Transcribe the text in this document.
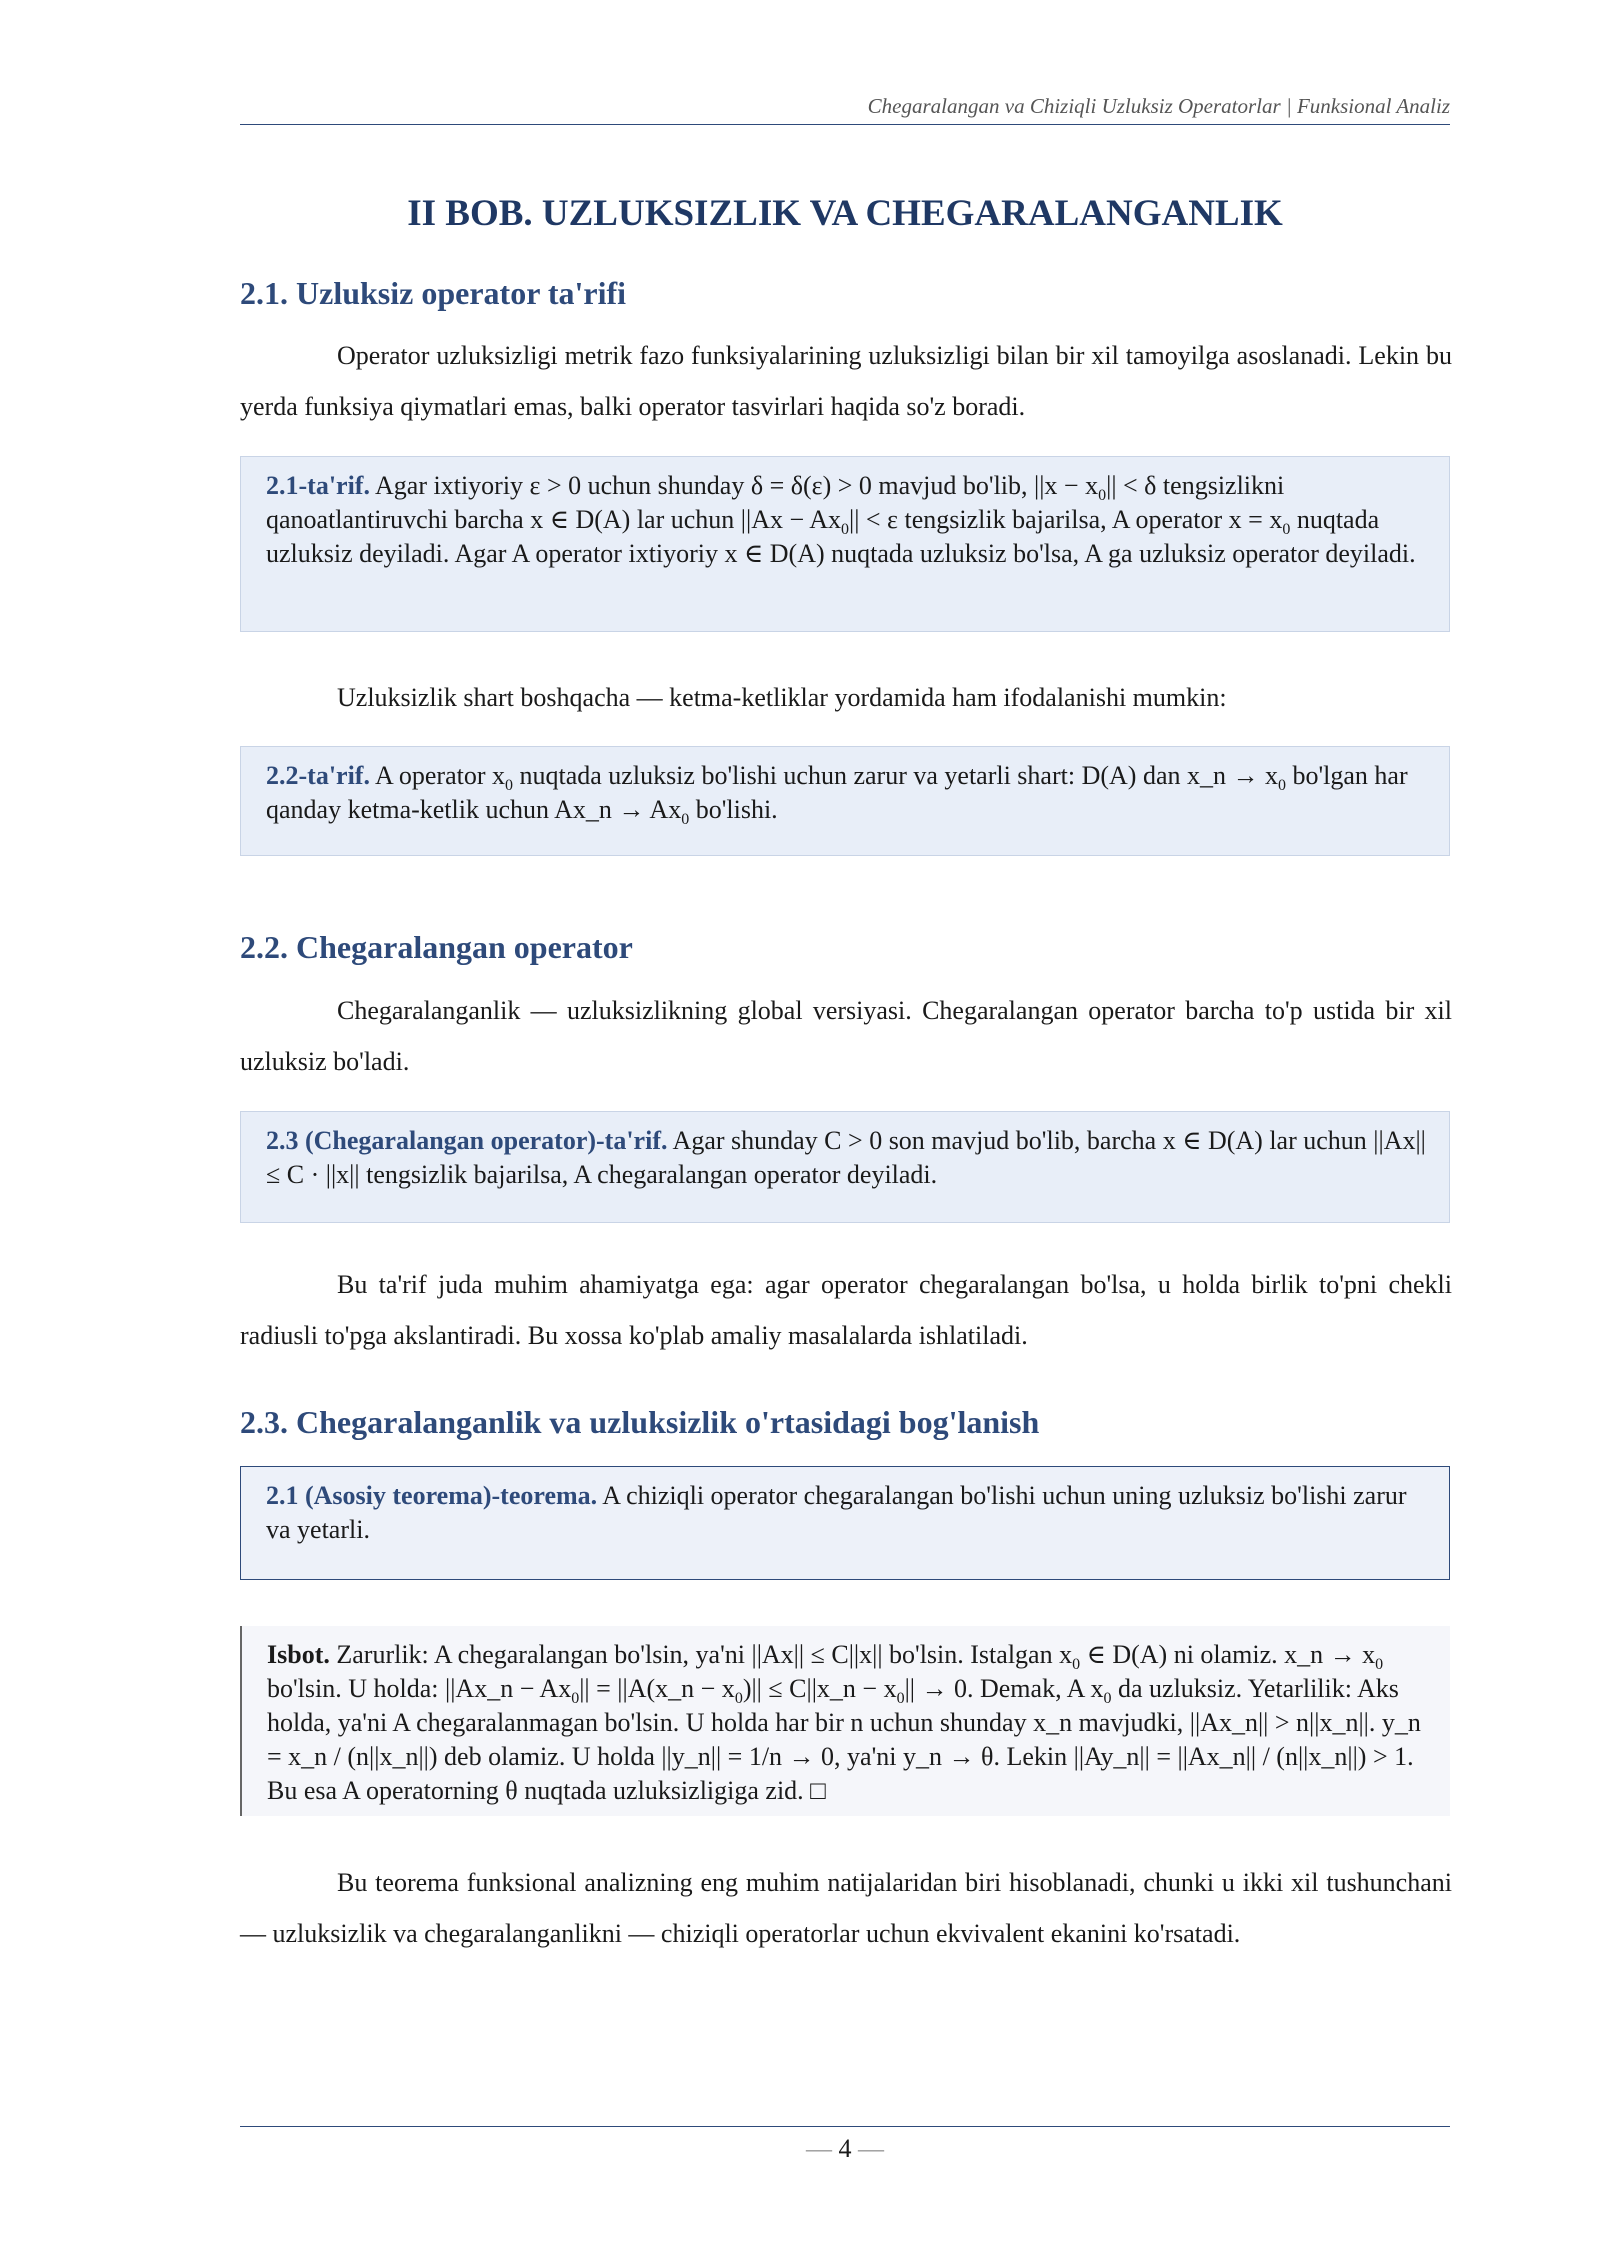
Chegaralangan va Chiziqli Uzluksiz Operatorlar | Funksional Analiz
II BOB. UZLUKSIZLIK VA CHEGARALANGANLIK
2.1. Uzluksiz operator ta'rifi
Operator uzluksizligi metrik fazo funksiyalarining uzluksizligi bilan bir xil tamoyilga asoslanadi. Lekin bu yerda funksiya qiymatlari emas, balki operator tasvirlari haqida so'z boradi.
2.1-ta'rif. Agar ixtiyoriy ε > 0 uchun shunday δ = δ(ε) > 0 mavjud bo'lib, $||x - x_0|| < \delta$ tengsizlikni qanoatlantiruvchi barcha x ∈ D(A) lar uchun $||Ax - Ax_0|| < \varepsilon$ tengsizlik bajarilsa, A operator $x = x_0$ nuqtada uzluksiz deyiladi. Agar A operator ixtiyoriy x ∈ D(A) nuqtada uzluksiz bo'lsa, A ga uzluksiz operator deyiladi.
Uzluksizlik shart boshqacha — ketma-ketliklar yordamida ham ifodalanishi mumkin:
2.2-ta'rif. A operator $x_0$ nuqtada uzluksiz bo'lishi uchun zarur va yetarli shart: D(A) dan x_n → $x_0$ bo'lgan har qanday ketma-ketlik uchun Ax_n → $Ax_0$ bo'lishi.
2.2. Chegaralangan operator
Chegaralanganlik — uzluksizlikning global versiyasi. Chegaralangan operator barcha to'p ustida bir xil uzluksiz bo'ladi.
2.3 (Chegaralangan operator)-ta'rif. Agar shunday C > 0 son mavjud bo'lib, barcha x ∈ D(A) lar uchun ||Ax|| ≤ C · ||x|| tengsizlik bajarilsa, A chegaralangan operator deyiladi.
Bu ta'rif juda muhim ahamiyatga ega: agar operator chegaralangan bo'lsa, u holda birlik to'pni chekli radiusli to'pga akslantiradi. Bu xossa ko'plab amaliy masalalarda ishlatiladi.
2.3. Chegaralanganlik va uzluksizlik o'rtasidagi bog'lanish
2.1 (Asosiy teorema)-teorema. A chiziqli operator chegaralangan bo'lishi uchun uning uzluksiz bo'lishi zarur va yetarli.
Isbot. Zarurlik: A chegaralangan bo'lsin, ya'ni ||Ax|| ≤ C||x|| bo'lsin. Istalgan $x_0$ ∈ D(A) ni olamiz. x_n → $x_0$ bo'lsin. U holda: ||Ax_n − $Ax_0||$ = ||A(x_n − $x_0)||$ ≤ C||x_n − $x_0|| \to 0$. Demak, A $x_0$ da uzluksiz. Yetarlilik: Aks holda, ya'ni A chegaralanmagan bo'lsin. U holda har bir n uchun shunday x_n mavjudki, ||Ax_n|| > n||x_n||. y_n = x_n / (n||x_n||) deb olamiz. U holda ||y_n|| = 1/n → 0, ya'ni y_n → θ. Lekin ||Ay_n|| = ||Ax_n|| / (n||x_n||) > 1. Bu esa A operatorning θ nuqtada uzluksizligiga zid. □
Bu teorema funksional analizning eng muhim natijalaridan biri hisoblanadi, chunki u ikki xil tushunchani — uzluksizlik va chegaralanganlikni — chiziqli operatorlar uchun ekvivalent ekanini ko'rsatadi.
— 4 —
